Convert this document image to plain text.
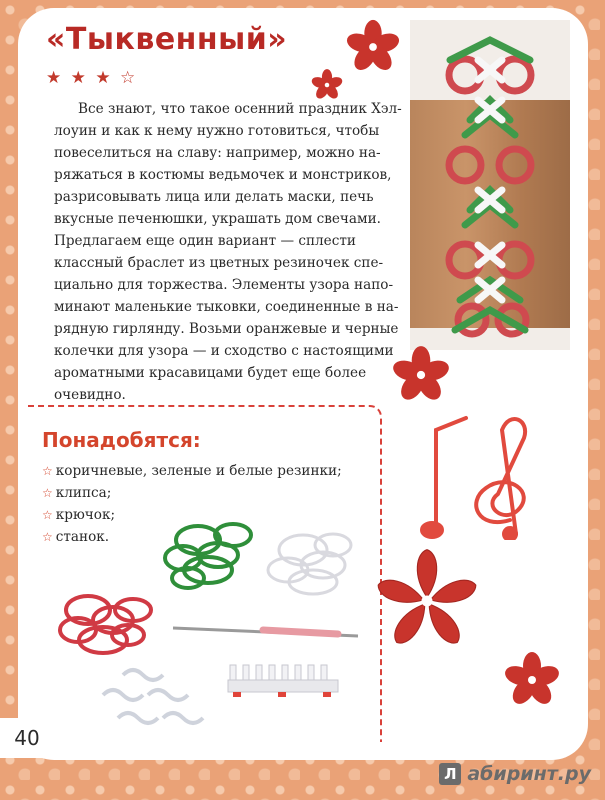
«Тыквенный»
★ ★ ★ ☆

Все знают, что такое осенний праздник Хэл-
лоуин и как к нему нужно готовиться, чтобы
повеселиться на славу: например, можно на-
ряжаться в костюмы ведьмочек и монстриков,
разрисовывать лица или делать маски, печь
вкусные печенюшки, украшать дом свечами.
Предлагаем еще один вариант — сплести
классный браслет из цветных резиночек спе-
циально для торжества. Элементы узора напо-
минают маленькие тыковки, соединенные в на-
рядную гирлянду. Возьми оранжевые и черные
колечки для узора — и сходство с настоящими
ароматными красавицами будет еще более
очевидно.

Понадобятся:
☆ коричневые, зеленые и белые резинки;
☆ клипса;
☆ крючок;
☆ станок.
40
Л абиринт.ру
